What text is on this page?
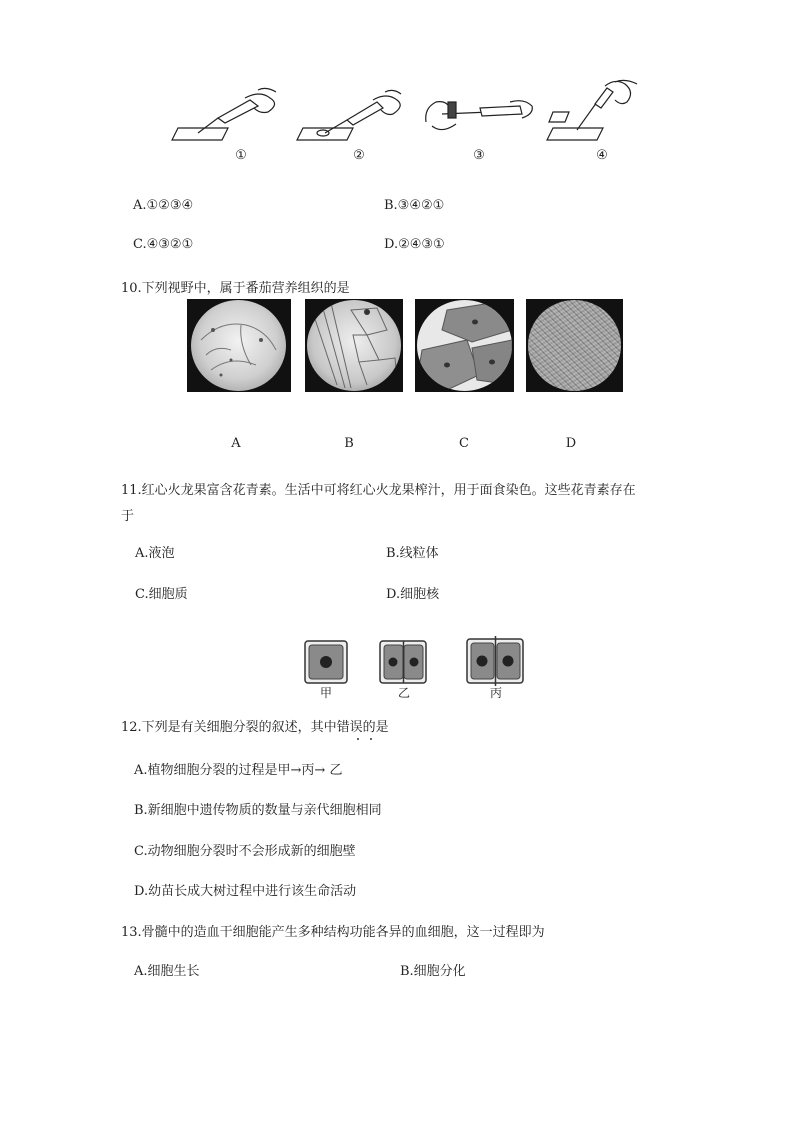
①	②	③	④
A.①②③④	B.③④②①
C.④③②①	D.②④③①
10.下列视野中，属于番茄营养组织的是
A	B	C	D
11.红心火龙果富含花青素。生活中可将红心火龙果榨汁，用于面食染色。这些花青素存在
于
A.液泡	B.线粒体
C.细胞质	D.细胞核
甲	乙	丙
12.下列是有关细胞分裂的叙述，其中错误的是
A.植物细胞分裂的过程是甲→丙→ 乙
B.新细胞中遗传物质的数量与亲代细胞相同
C.动物细胞分裂时不会形成新的细胞壁
D.幼苗长成大树过程中进行该生命活动
13.骨髓中的造血干细胞能产生多种结构功能各异的血细胞，这一过程即为
A.细胞生长	B.细胞分化
